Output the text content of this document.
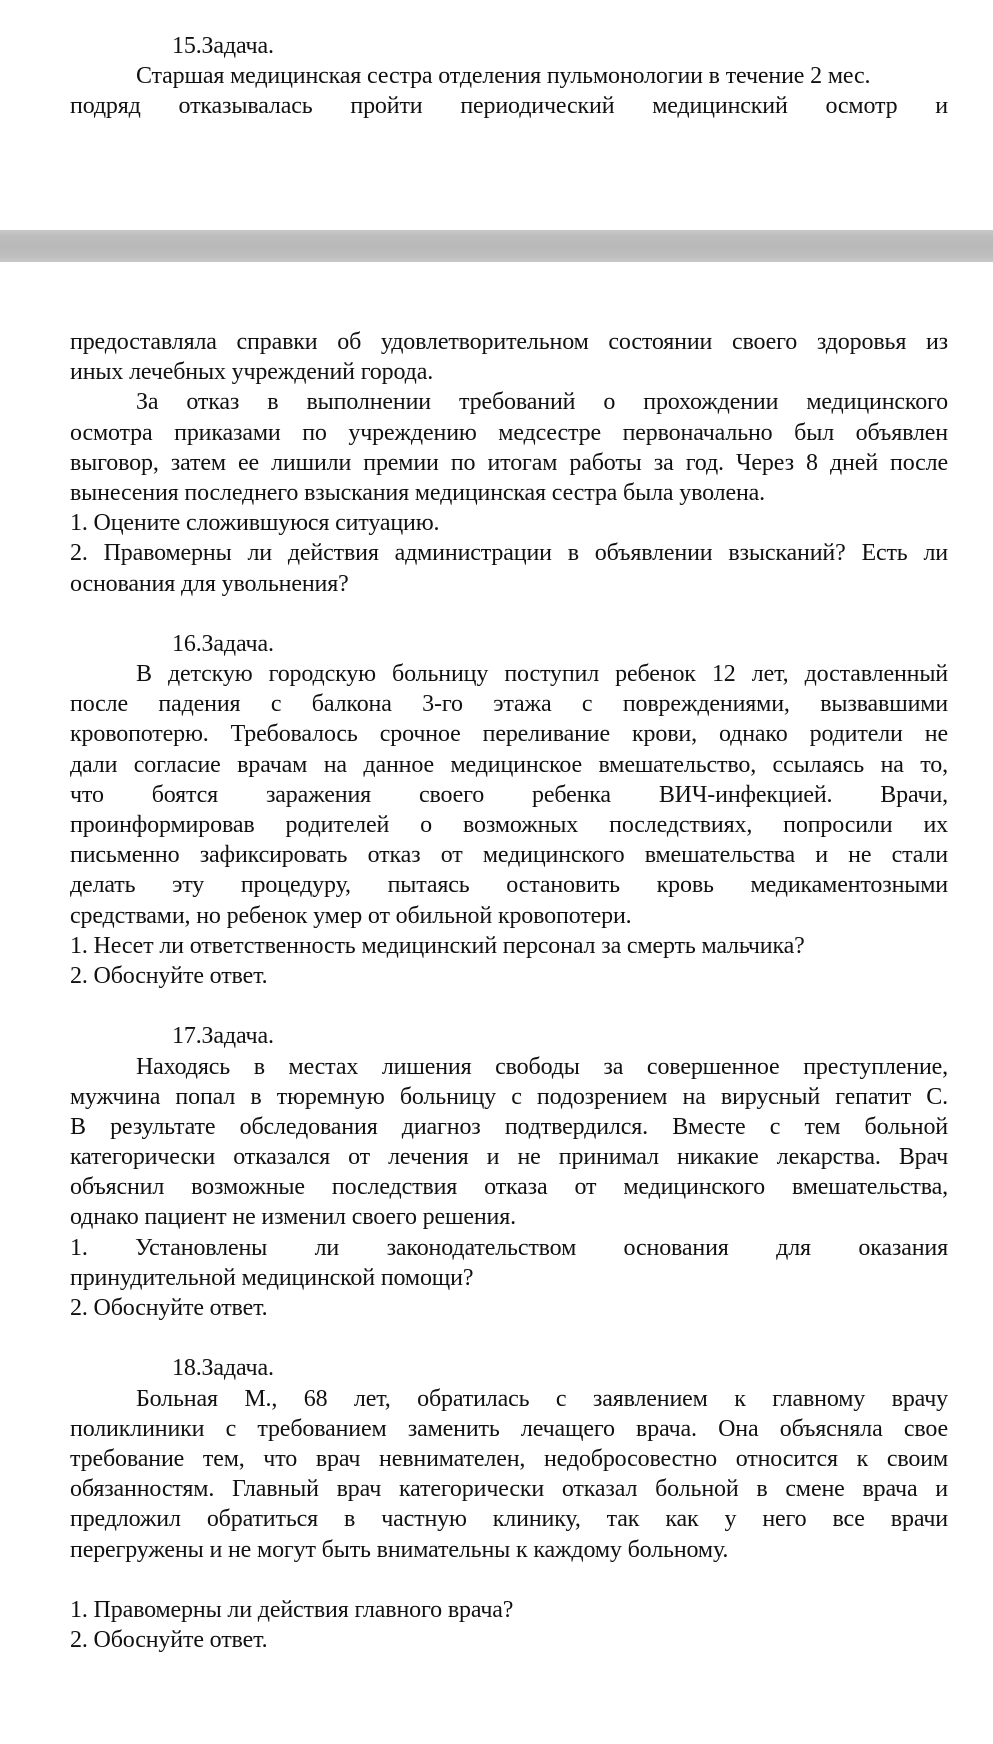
15.Задача.
Старшая медицинская сестра отделения пульмонологии в течение 2 мес.
подряд отказывалась пройти периодический медицинский осмотр и
предоставляла справки об удовлетворительном состоянии своего здоровья из
иных лечебных учреждений города.
За отказ в выполнении требований о прохождении медицинского
осмотра приказами по учреждению медсестре первоначально был объявлен
выговор, затем ее лишили премии по итогам работы за год. Через 8 дней после
вынесения последнего взыскания медицинская сестра была уволена.
1. Оцените сложившуюся ситуацию.
2. Правомерны ли действия администрации в объявлении взысканий? Есть ли
основания для увольнения?
16.Задача.
В детскую городскую больницу поступил ребенок 12 лет, доставленный
после падения с балкона 3-го этажа с повреждениями, вызвавшими
кровопотерю. Требовалось срочное переливание крови, однако родители не
дали согласие врачам на данное медицинское вмешательство, ссылаясь на то,
что боятся заражения своего ребенка ВИЧ-инфекцией. Врачи,
проинформировав родителей о возможных последствиях, попросили их
письменно зафиксировать отказ от медицинского вмешательства и не стали
делать эту процедуру, пытаясь остановить кровь медикаментозными
средствами, но ребенок умер от обильной кровопотери.
1. Несет ли ответственность медицинский персонал за смерть мальчика?
2. Обоснуйте ответ.
17.Задача.
Находясь в местах лишения свободы за совершенное преступление,
мужчина попал в тюремную больницу с подозрением на вирусный гепатит С.
В результате обследования диагноз подтвердился. Вместе с тем больной
категорически отказался от лечения и не принимал никакие лекарства. Врач
объяснил возможные последствия отказа от медицинского вмешательства,
однако пациент не изменил своего решения.
1. Установлены ли законодательством основания для оказания
принудительной медицинской помощи?
2. Обоснуйте ответ.
18.Задача.
Больная М., 68 лет, обратилась с заявлением к главному врачу
поликлиники с требованием заменить лечащего врача. Она объясняла свое
требование тем, что врач невнимателен, недобросовестно относится к своим
обязанностям. Главный врач категорически отказал больной в смене врача и
предложил обратиться в частную клинику, так как у него все врачи
перегружены и не могут быть внимательны к каждому больному.
1. Правомерны ли действия главного врача?
2. Обоснуйте ответ.
